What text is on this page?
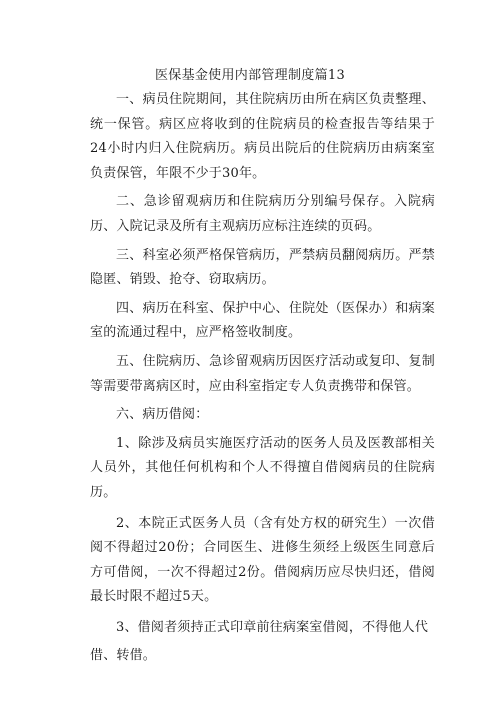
医保基金使用内部管理制度篇13

一、病员住院期间，其住院病历由所在病区负责整理、统一保管。病区应将收到的住院病员的检查报告等结果于24小时内归入住院病历。病员出院后的住院病历由病案室负责保管，年限不少于30年。

二、急诊留观病历和住院病历分别编号保存。入院病历、入院记录及所有主观病历应标注连续的页码。

三、科室必须严格保管病历，严禁病员翻阅病历。严禁隐匿、销毁、抢夺、窃取病历。

四、病历在科室、保护中心、住院处（医保办）和病案室的流通过程中，应严格签收制度。

五、住院病历、急诊留观病历因医疗活动或复印、复制等需要带离病区时，应由科室指定专人负责携带和保管。

六、病历借阅：

1、除涉及病员实施医疗活动的医务人员及医教部相关人员外，其他任何机构和个人不得擅自借阅病员的住院病历。

2、本院正式医务人员（含有处方权的研究生）一次借阅不得超过20份；合同医生、进修生须经上级医生同意后方可借阅，一次不得超过2份。借阅病历应尽快归还，借阅最长时限不超过5天。

3、借阅者须持正式印章前往病案室借阅，不得他人代

借、转借。
